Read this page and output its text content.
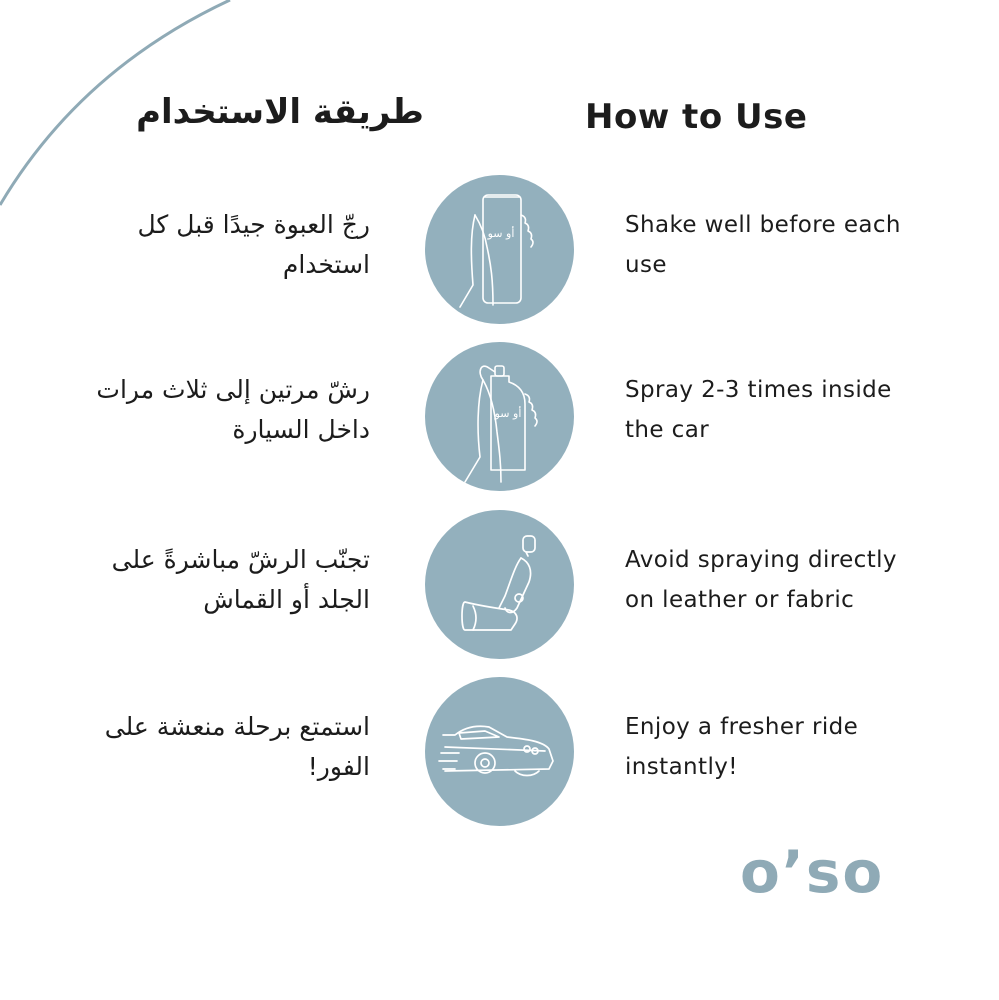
طريقة الاستخدام	How to Use
رجّ العبوة جيدًا قبل كل استخدام
أو سو	Shake well before each use
رشّ مرتين إلى ثلاث مرات داخل السيارة
أو سو
Spray 2-3 times inside the car
تجنّب الرشّ مباشرةً على الجلد أو القماش
Avoid spraying directly on leather or fabric
استمتع برحلة منعشة على الفور!
Enjoy a fresher ride instantly!
o’so
